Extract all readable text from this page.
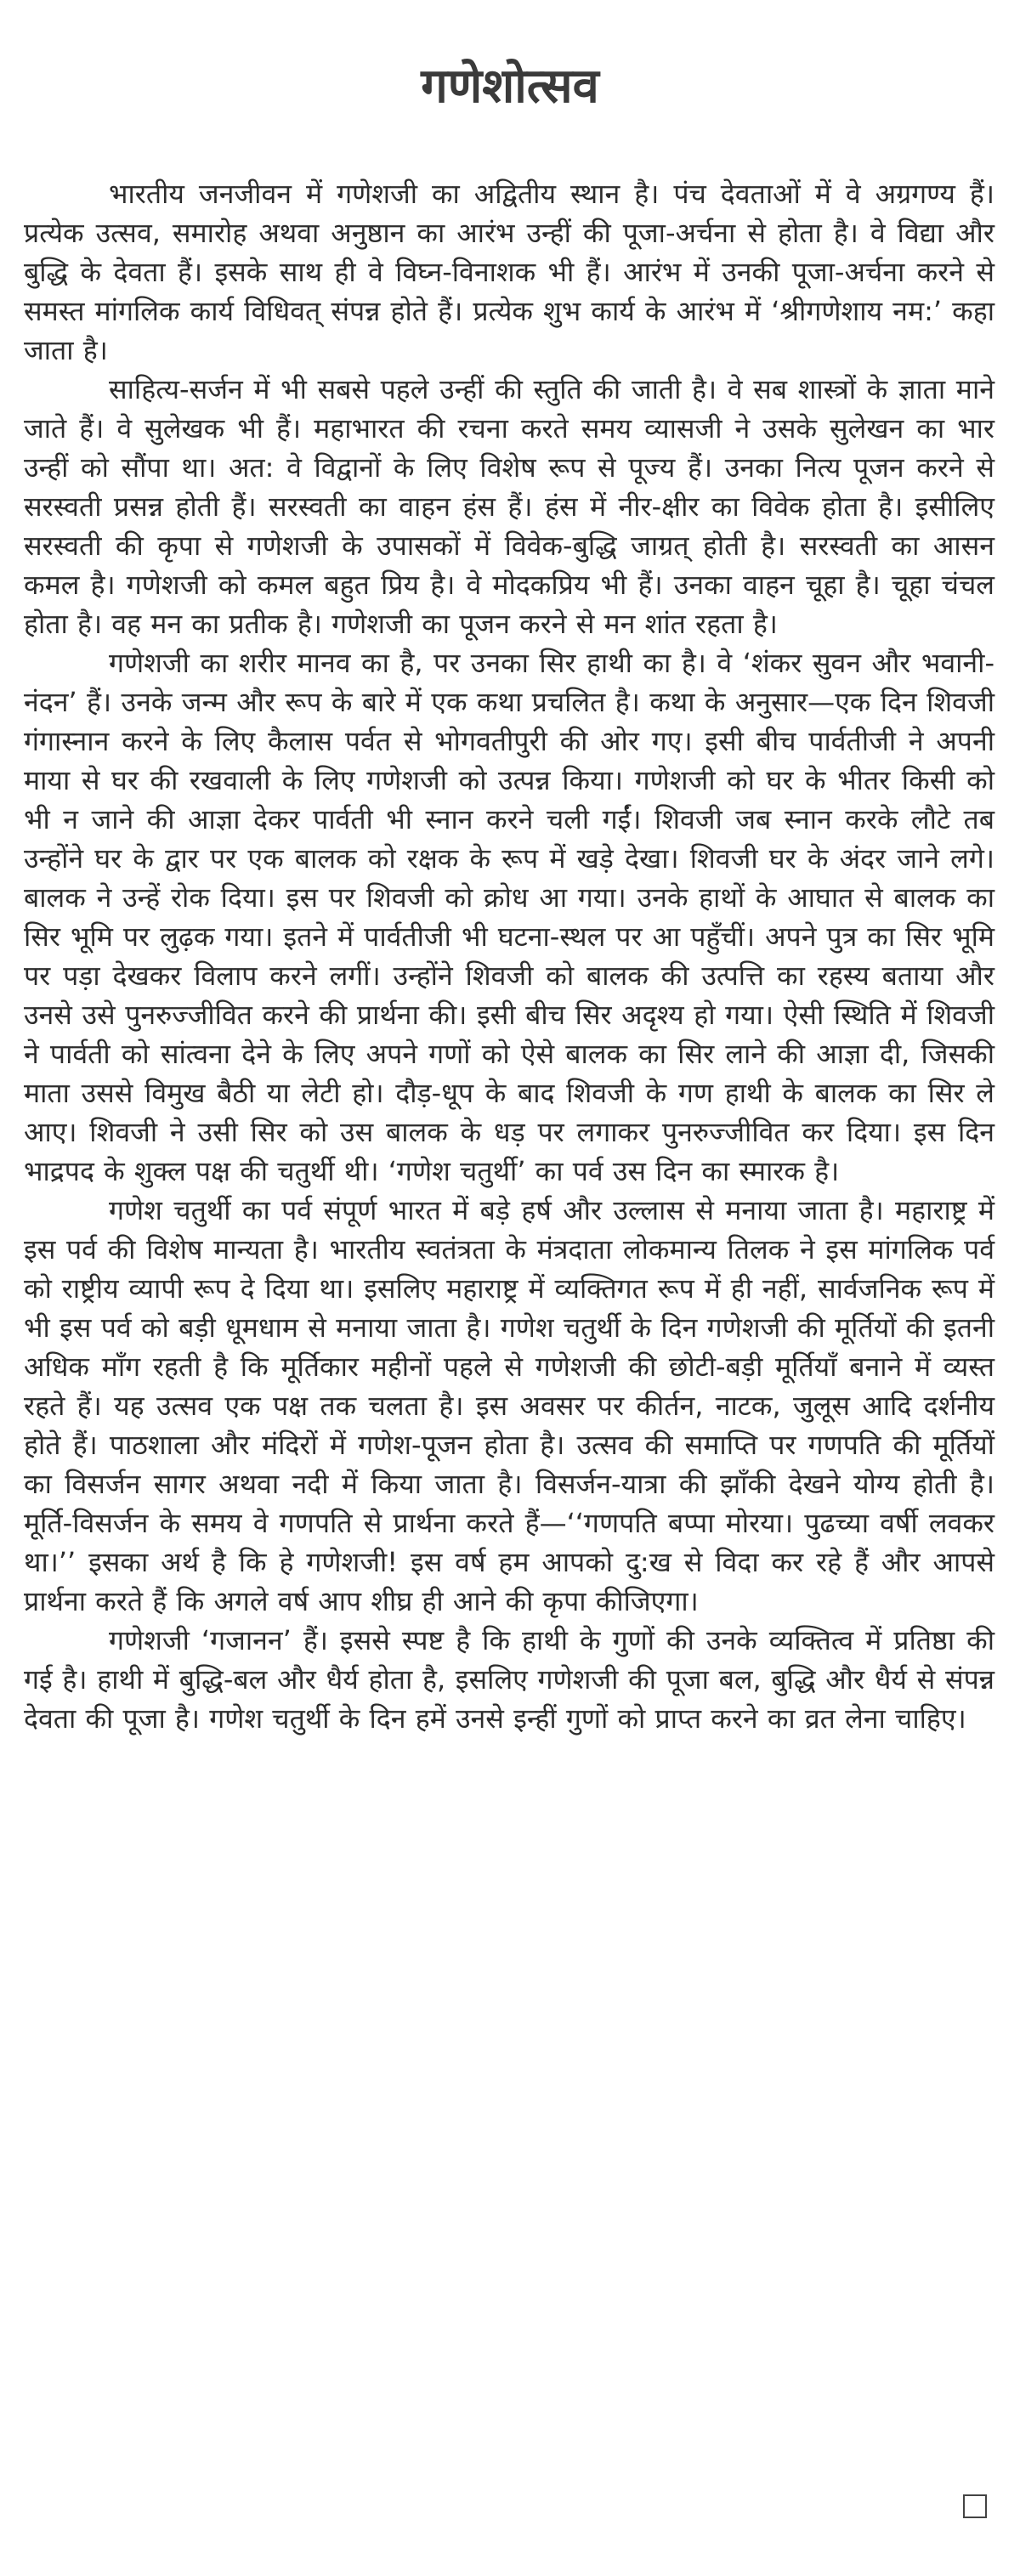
गणेशोत्सव

भारतीय जनजीवन में गणेशजी का अद्वितीय स्थान है। पंच देवताओं में वे अग्रगण्य हैं। प्रत्येक उत्सव, समारोह अथवा अनुष्ठान का आरंभ उन्हीं की पूजा-अर्चना से होता है। वे विद्या और बुद्धि के देवता हैं। इसके साथ ही वे विघ्न-विनाशक भी हैं। आरंभ में उनकी पूजा-अर्चना करने से समस्त मांगलिक कार्य विधिवत् संपन्न होते हैं। प्रत्येक शुभ कार्य के आरंभ में ‘श्रीगणेशाय नम:’ कहा जाता है।

साहित्य-सर्जन में भी सबसे पहले उन्हीं की स्तुति की जाती है। वे सब शास्त्रों के ज्ञाता माने जाते हैं। वे सुलेखक भी हैं। महाभारत की रचना करते समय व्यासजी ने उसके सुलेखन का भार उन्हीं को सौंपा था। अत: वे विद्वानों के लिए विशेष रूप से पूज्य हैं। उनका नित्य पूजन करने से सरस्वती प्रसन्न होती हैं। सरस्वती का वाहन हंस हैं। हंस में नीर-क्षीर का विवेक होता है। इसीलिए सरस्वती की कृपा से गणेशजी के उपासकों में विवेक-बुद्धि जाग्रत् होती है। सरस्वती का आसन कमल है। गणेशजी को कमल बहुत प्रिय है। वे मोदकप्रिय भी हैं। उनका वाहन चूहा है। चूहा चंचल होता है। वह मन का प्रतीक है। गणेशजी का पूजन करने से मन शांत रहता है।

गणेशजी का शरीर मानव का है, पर उनका सिर हाथी का है। वे ‘शंकर सुवन और भवानी-नंदन’ हैं। उनके जन्म और रूप के बारे में एक कथा प्रचलित है। कथा के अनुसार—एक दिन शिवजी गंगास्नान करने के लिए कैलास पर्वत से भोगवतीपुरी की ओर गए। इसी बीच पार्वतीजी ने अपनी माया से घर की रखवाली के लिए गणेशजी को उत्पन्न किया। गणेशजी को घर के भीतर किसी को भी न जाने की आज्ञा देकर पार्वती भी स्नान करने चली गईं। शिवजी जब स्नान करके लौटे तब उन्होंने घर के द्वार पर एक बालक को रक्षक के रूप में खड़े देखा। शिवजी घर के अंदर जाने लगे। बालक ने उन्हें रोक दिया। इस पर शिवजी को क्रोध आ गया। उनके हाथों के आघात से बालक का सिर भूमि पर लुढ़क गया। इतने में पार्वतीजी भी घटना-स्थल पर आ पहुँचीं। अपने पुत्र का सिर भूमि पर पड़ा देखकर विलाप करने लगीं। उन्होंने शिवजी को बालक की उत्पत्ति का रहस्य बताया और उनसे उसे पुनरुज्जीवित करने की प्रार्थना की। इसी बीच सिर अदृश्य हो गया। ऐसी स्थिति में शिवजी ने पार्वती को सांत्वना देने के लिए अपने गणों को ऐसे बालक का सिर लाने की आज्ञा दी, जिसकी माता उससे विमुख बैठी या लेटी हो। दौड़-धूप के बाद शिवजी के गण हाथी के बालक का सिर ले आए। शिवजी ने उसी सिर को उस बालक के धड़ पर लगाकर पुनरुज्जीवित कर दिया। इस दिन भाद्रपद के शुक्ल पक्ष की चतुर्थी थी। ‘गणेश चतुर्थी’ का पर्व उस दिन का स्मारक है।

गणेश चतुर्थी का पर्व संपूर्ण भारत में बड़े हर्ष और उल्लास से मनाया जाता है। महाराष्ट्र में इस पर्व की विशेष मान्यता है। भारतीय स्वतंत्रता के मंत्रदाता लोकमान्य तिलक ने इस मांगलिक पर्व को राष्ट्रीय व्यापी रूप दे दिया था। इसलिए महाराष्ट्र में व्यक्तिगत रूप में ही नहीं, सार्वजनिक रूप में भी इस पर्व को बड़ी धूमधाम से मनाया जाता है। गणेश चतुर्थी के दिन गणेशजी की मूर्तियों की इतनी अधिक माँग रहती है कि मूर्तिकार महीनों पहले से गणेशजी की छोटी-बड़ी मूर्तियाँ बनाने में व्यस्त रहते हैं। यह उत्सव एक पक्ष तक चलता है। इस अवसर पर कीर्तन, नाटक, जुलूस आदि दर्शनीय होते हैं। पाठशाला और मंदिरों में गणेश-पूजन होता है। उत्सव की समाप्ति पर गणपति की मूर्तियों का विसर्जन सागर अथवा नदी में किया जाता है। विसर्जन-यात्रा की झाँकी देखने योग्य होती है। मूर्ति-विसर्जन के समय वे गणपति से प्रार्थना करते हैं—‘‘गणपति बप्पा मोरया। पुढच्या वर्षी लवकर था।’’ इसका अर्थ है कि हे गणेशजी! इस वर्ष हम आपको दु:ख से विदा कर रहे हैं और आपसे प्रार्थना करते हैं कि अगले वर्ष आप शीघ्र ही आने की कृपा कीजिएगा।

गणेशजी ‘गजानन’ हैं। इससे स्पष्ट है कि हाथी के गुणों की उनके व्यक्तित्व में प्रतिष्ठा की गई है। हाथी में बुद्धि-बल और धैर्य होता है, इसलिए गणेशजी की पूजा बल, बुद्धि और धैर्य से संपन्न देवता की पूजा है। गणेश चतुर्थी के दिन हमें उनसे इन्हीं गुणों को प्राप्त करने का व्रत लेना चाहिए।
